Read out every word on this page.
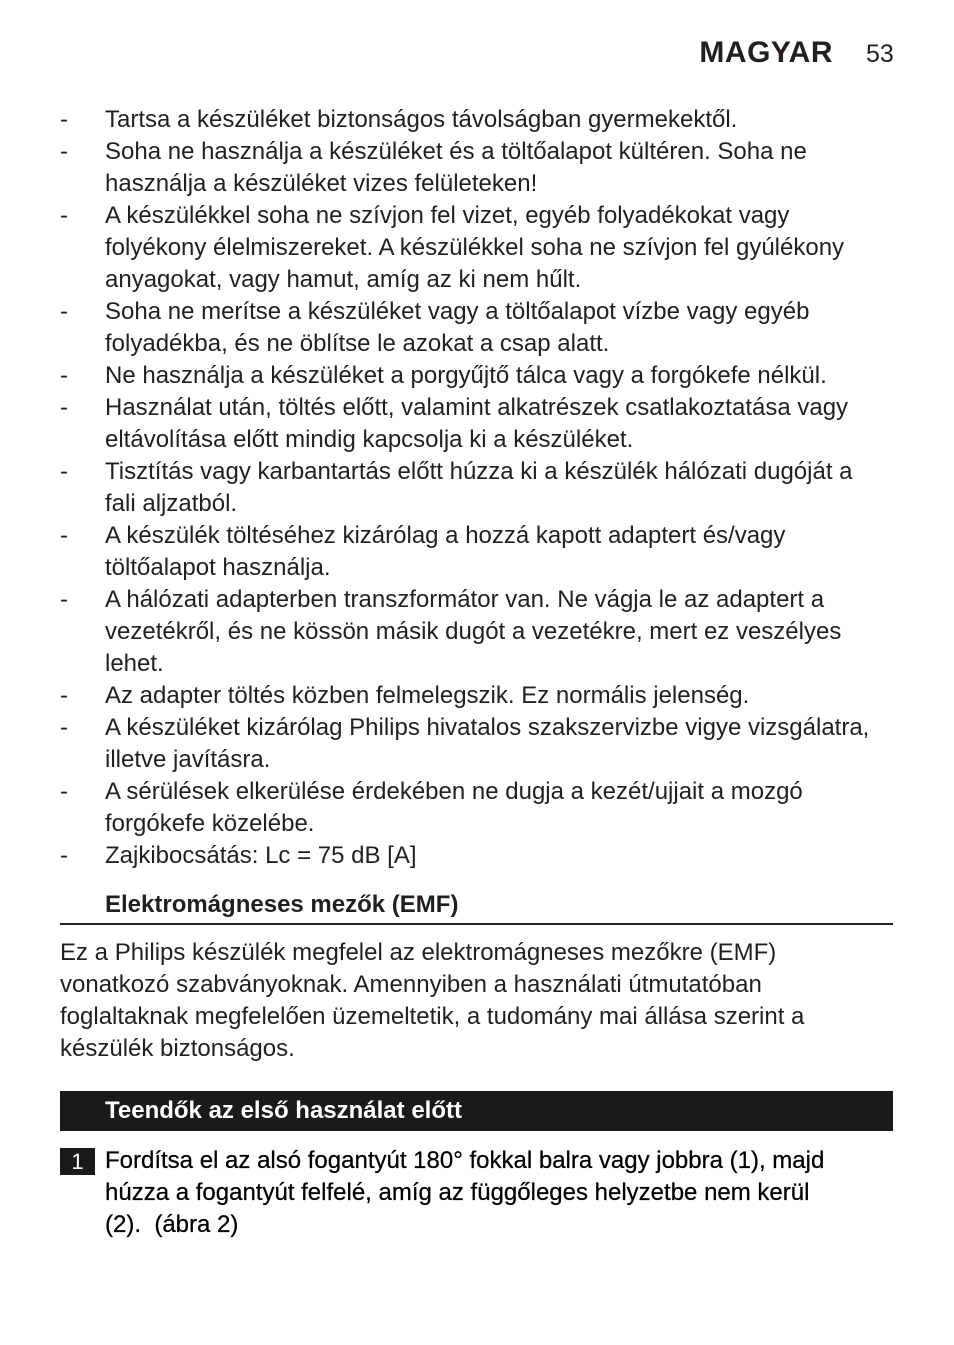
MAGYAR 53
-	Tartsa a készüléket biztonságos távolságban gyermekektől.
-	Soha ne használja a készüléket és a töltőalapot kültéren. Soha ne
használja a készüléket vizes felületeken!
-	A készülékkel soha ne szívjon fel vizet, egyéb folyadékokat vagy
folyékony élelmiszereket. A készülékkel soha ne szívjon fel gyúlékony
anyagokat, vagy hamut, amíg az ki nem hűlt.
-	Soha ne merítse a készüléket vagy a töltőalapot vízbe vagy egyéb
folyadékba, és ne öblítse le azokat a csap alatt.
-	Ne használja a készüléket a porgyűjtő tálca vagy a forgókefe nélkül.
-	Használat után, töltés előtt, valamint alkatrészek csatlakoztatása vagy
eltávolítása előtt mindig kapcsolja ki a készüléket.
-	Tisztítás vagy karbantartás előtt húzza ki a készülék hálózati dugóját a
fali aljzatból.
-	A készülék töltéséhez kizárólag a hozzá kapott adaptert és/vagy
töltőalapot használja.
-	A hálózati adapterben transzformátor van. Ne vágja le az adaptert a
vezetékről, és ne kössön másik dugót a vezetékre, mert ez veszélyes
lehet.
-	Az adapter töltés közben felmelegszik. Ez normális jelenség.
-	A készüléket kizárólag Philips hivatalos szakszervizbe vigye vizsgálatra,
illetve javításra.
-	A sérülések elkerülése érdekében ne dugja a kezét/ujjait a mozgó
forgókefe közelébe.
-	Zajkibocsátás: Lc = 75 dB [A]
Elektromágneses mezők (EMF)
Ez a Philips készülék megfelel az elektromágneses mezőkre (EMF)
vonatkozó szabványoknak. Amennyiben a használati útmutatóban
foglaltaknak megfelelően üzemeltetik, a tudomány mai állása szerint a
készülék biztonságos.
Teendők az első használat előtt
1 Fordítsa el az alsó fogantyút 180° fokkal balra vagy jobbra (1), majd
húzza a fogantyút felfelé, amíg az függőleges helyzetbe nem kerül
(2).  (ábra 2)
